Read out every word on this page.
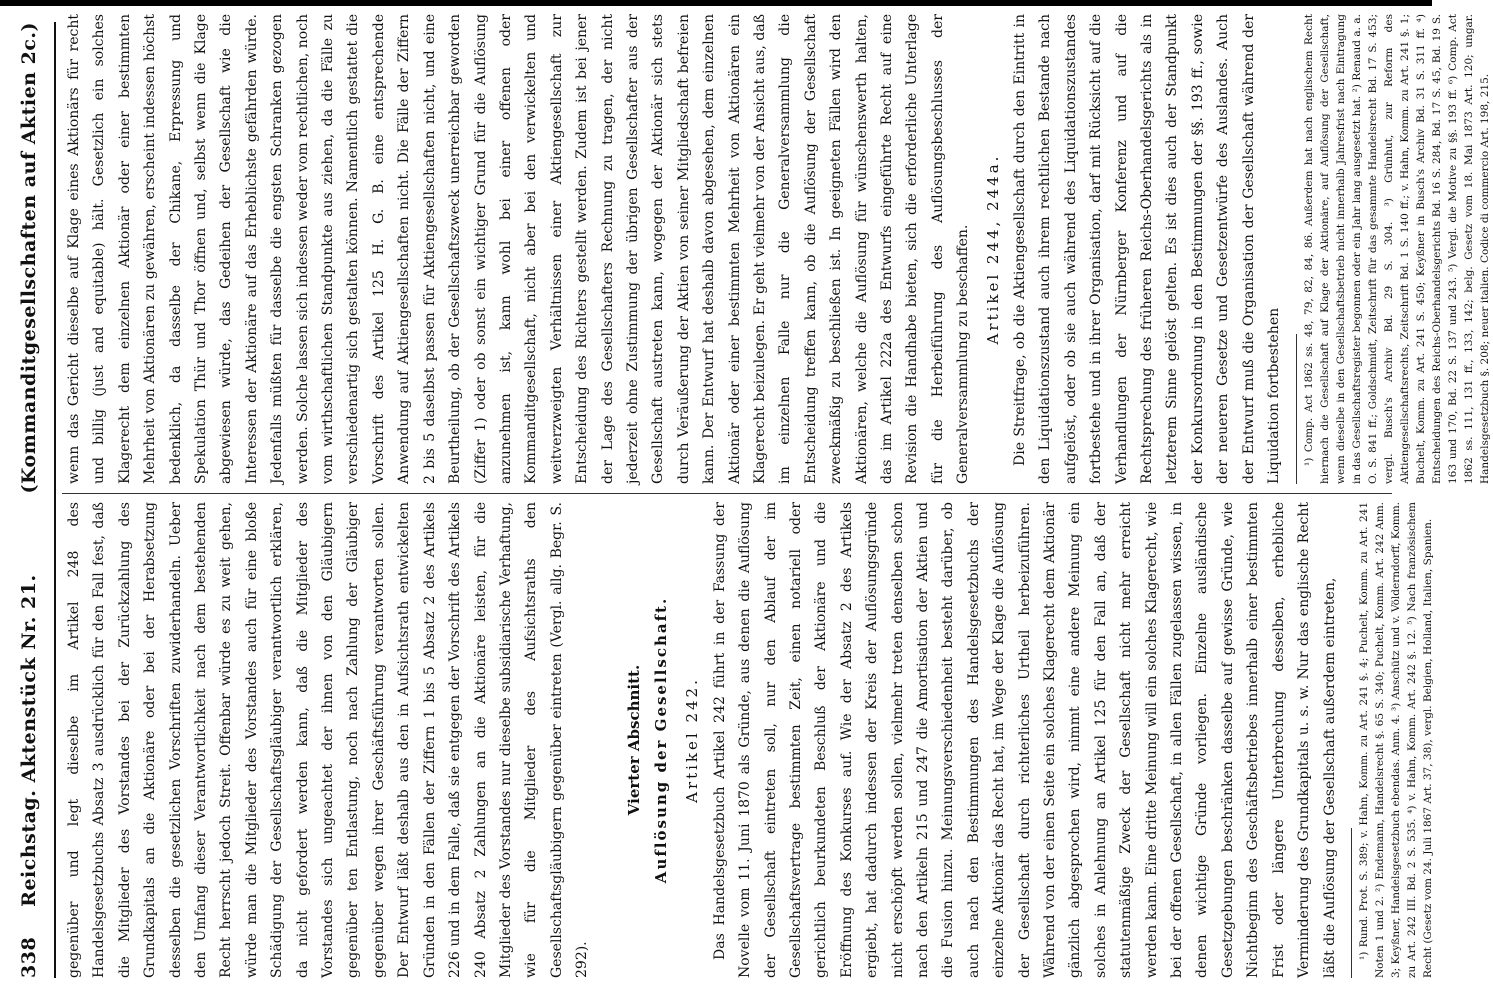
338
Reichstag. Aktenstück Nr. 21.
(Kommanditgesellschaften auf Aktien 2c.)

gegenüber und legt dieselbe im Artikel 248 des Handelsgesetzbuchs Absatz 3 ausdrücklich für den Fall fest, daß die Mitglieder des Vorstandes bei der Zurückzahlung des Grundkapitals an die Aktionäre oder bei der Herabsetzung desselben die gesetzlichen Vorschriften zuwiderhandeln. Ueber den Umfang dieser Verantwortlichkeit nach dem bestehenden Recht herrscht jedoch Streit. Offenbar würde es zu weit gehen, würde man die Mitglieder des Vorstandes auch für eine bloße Schädigung der Gesellschaftsgläubiger verantwortlich erklären, da nicht gefordert werden kann, daß die Mitglieder des Vorstandes sich ungeachtet der ihnen von den Gläubigern gegenüber ten Entlastung, noch nach Zahlung der Gläubiger gegenüber wegen ihrer Geschäftsführung verantworten sollen. Der Entwurf läßt deshalb aus den in Aufsichtsrath entwickelten Gründen in den Fällen der Ziffern 1 bis 5 Absatz 2 des Artikels 226 und in dem Falle, daß sie entgegen der Vorschrift des Artikels 240 Absatz 2 Zahlungen an die Aktionäre leisten, für die Mitglieder des Vorstandes nur dieselbe subsidiarische Verhaftung, wie für die Mitglieder des Aufsichtsraths den Gesellschaftsgläubigern gegenüber eintreten (Vergl. allg. Begr. S. 292).

Vierter Abschnitt. Auflösung der Gesellschaft. Artikel 242. Das Handelsgesetzbuch Artikel 242 führt in der Fassung der Novelle vom 11. Juni 1870 als Gründe, aus denen die Auflösung der Gesellschaft eintreten soll, nur den Ablauf der im Gesellschaftsvertrage bestimmten Zeit, einen notariell oder gerichtlich beurkundeten Beschluß der Aktionäre und die Eröffnung des Konkurses auf. Wie der Absatz 2 des Artikels ergiebt, hat dadurch indessen der Kreis der Auflösungsgründe nicht erschöpft werden sollen, vielmehr treten denselben schon nach den Artikeln 215 und 247 die Amortisation der Aktien und die Fusion hinzu. Meinungsverschiedenheit besteht darüber, ob auch nach den Bestimmungen des Handelsgesetzbuchs der einzelne Aktionär das Recht hat, im Wege der Klage die Auflösung der Gesellschaft durch richterliches Urtheil herbeizuführen. Während von der einen Seite ein solches Klagerecht dem Aktionär gänzlich abgesprochen wird, nimmt eine andere Meinung ein solches in Anlehnung an Artikel 125 für den Fall an, daß der statutenmäßige Zweck der Gesellschaft nicht mehr erreicht werden kann. Eine dritte Meinung will ein solches Klagerecht, wie bei der offenen Gesellschaft, in allen Fällen zugelassen wissen, in denen wichtige Gründe vorliegen. Einzelne ausländische Gesetzgebungen beschränken dasselbe auf gewisse Gründe, wie Nichtbeginn des Geschäftsbetriebes innerhalb einer bestimmten Frist oder längere Unterbrechung desselben, erhebliche Verminderung des Grundkapitals u. s. w. Nur das englische Recht läßt die Auflösung der Gesellschaft außerdem eintreten,	¹) Rund. Prot. S. 389; v. Hahn, Komm. zu Art. 241 §. 4; Puchelt, Komm. zu Art. 241 Noten 1 und 2. ²) Endemann, Handelsrecht §. 65 S. 340; Puchelt, Komm. Art. 242 Anm. 3; Keyßner, Handelsgesetzbuch ebendas. Anm. 4. ³) Anschütz und v. Völderndorff, Komm. zu Art. 242 III. Bd. 2 S. 535. ⁴) v. Hahn, Komm. Art. 242 §. 12. ⁵) Nach französischem Recht (Gesetz vom 24. Juli 1867 Art. 37, 38), vergl. Belgien, Holland, Italien, Spanien.

wenn das Gericht dieselbe auf Klage eines Aktionärs für recht und billig (just and equitable) hält. Gesetzlich ein solches Klagerecht dem einzelnen Aktionär oder einer bestimmten Mehrheit von Aktionären zu gewähren, erscheint indessen höchst bedenklich, da dasselbe der Chikane, Erpressung und Spekulation Thür und Thor öffnen und, selbst wenn die Klage abgewiesen würde, das Gedeihen der Gesellschaft wie die Interessen der Aktionäre auf das Erheblichste gefährden würde. Jedenfalls müßten für dasselbe die engsten Schranken gezogen werden. Solche lassen sich indessen weder vom rechtlichen, noch vom wirthschaftlichen Standpunkte aus ziehen, da die Fälle zu verschiedenartig sich gestalten können. Namentlich gestattet die Vorschrift des Artikel 125 H. G. B. eine entsprechende Anwendung auf Aktiengesellschaften nicht. Die Fälle der Ziffern 2 bis 5 daselbst passen für Aktiengesellschaften nicht, und eine Beurtheilung, ob der Gesellschaftszweck unerreichbar geworden (Ziffer 1) oder ob sonst ein wichtiger Grund für die Auflösung anzunehmen ist, kann wohl bei einer offenen oder Kommanditgesellschaft, nicht aber bei den verwickelten und weitverzweigten Verhältnissen einer Aktiengesellschaft zur Entscheidung des Richters gestellt werden. Zudem ist bei jener der Lage des Gesellschafters Rechnung zu tragen, der nicht jederzeit ohne Zustimmung der übrigen Gesellschafter aus der Gesellschaft austreten kann, wogegen der Aktionär sich stets durch Veräußerung der Aktien von seiner Mitgliedschaft befreien kann. Der Entwurf hat deshalb davon abgesehen, dem einzelnen Aktionär oder einer bestimmten Mehrheit von Aktionären ein Klagerecht beizulegen. Er geht vielmehr von der Ansicht aus, daß im einzelnen Falle nur die Generalversammlung die Entscheidung treffen kann, ob die Auflösung der Gesellschaft zweckmäßig zu beschließen ist. In geeigneten Fällen wird den Aktionären, welche die Auflösung für wünschenswerth halten, das im Artikel 222a des Entwurfs eingeführte Recht auf eine Revision die Handhabe bieten, sich die erforderliche Unterlage für die Herbeiführung des Auflösungsbeschlusses der Generalversammlung zu beschaffen. Artikel 244, 244a. Die Streitfrage, ob die Aktiengesellschaft durch den Eintritt in den Liquidationszustand auch ihrem rechtlichen Bestande nach aufgelöst, oder ob sie auch während des Liquidationszustandes fortbestehe und in ihrer Organisation, darf mit Rücksicht auf die Verhandlungen der Nürnberger Konferenz und auf die Rechtsprechung des früheren Reichs-Oberhandelsgerichts als in letzterem Sinne gelöst gelten. Es ist dies auch der Standpunkt der Konkursordnung in den Bestimmungen der §§. 193 ff., sowie der neueren Gesetze und Gesetzentwürfe des Auslandes. Auch der Entwurf muß die Organisation der Gesellschaft während der Liquidation fortbestehen	¹) Comp. Act 1862 ss. 48, 79, 82, 84, 86. Außerdem hat nach englischem Recht hiernach die Gesellschaft auf Klage der Aktionäre, auf Auflösung der Gesellschaft, wenn dieselbe in den Gesellschaftsbetrieb nicht innerhalb Jahresfrist nach Eintragung in das Gesellschaftsregister begonnen oder ein Jahr lang ausgesetzt hat. ²) Renaud a. a. O. S. 841 ff.; Goldschmidt, Zeitschrift für das gesammte Handelsrecht Bd. 17 S. 453; vergl. Busch's Archiv Bd. 29 S. 304. ³) Grünhut, zur Reform des Aktiengesellschaftsrechts, Zeitschrift Bd. 1 S. 140 ff.; v. Hahn, Komm. zu Art. 241 §. 1; Buchelt, Komm. zu Art. 241 S. 450; Keyßner in Busch's Archiv Bd. 31 S. 311 ff. ⁴) Entscheidungen des Reichs-Oberhandelsgerichts Bd. 16 S. 284, Bd. 17 S. 45, Bd. 19 S. 163 und 170, Bd. 22 S. 137 und 243. ⁵) Vergl. die Motive zu §§. 193 ff. ⁶) Comp. Act 1862 ss. 111, 131 ff., 133, 142; belg. Gesetz vom 18. Mai 1873 Art. 120; ungar. Handelsgesetzbuch §. 208; neuer italien. Codice di commercio Art. 198, 215.
